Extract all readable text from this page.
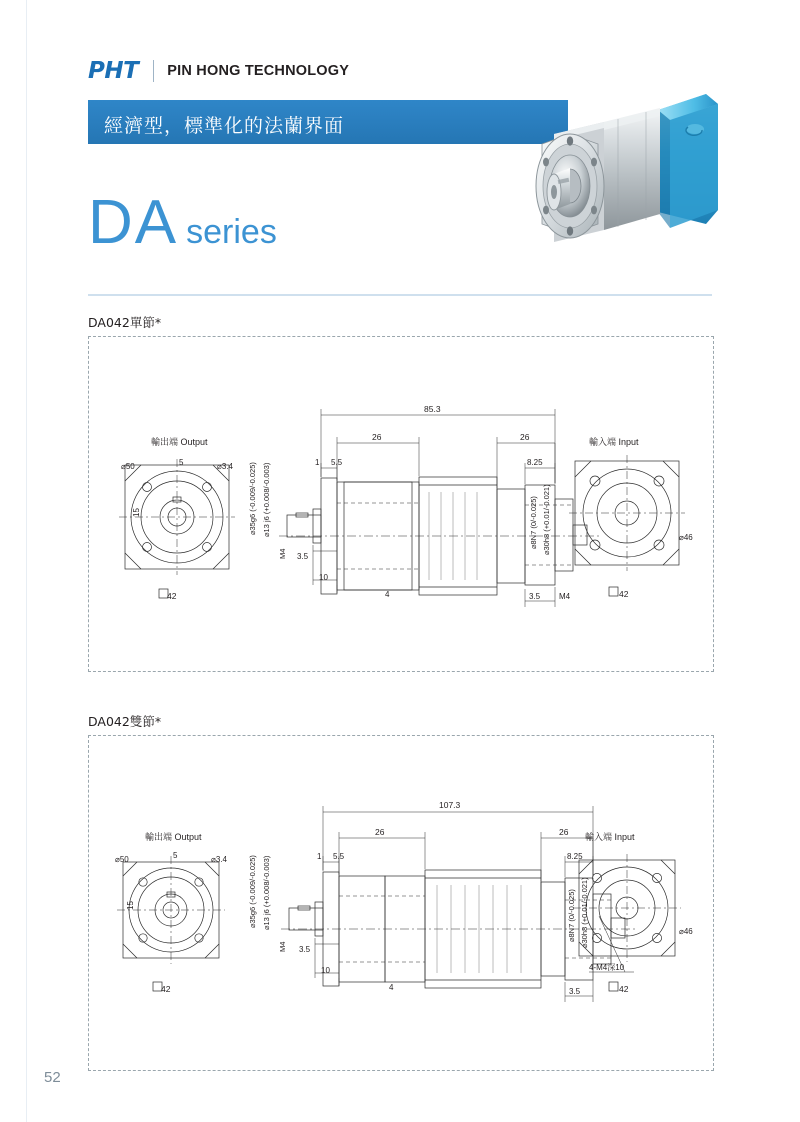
PHT PIN HONG TECHNOLOGY
經濟型，標準化的法蘭界面
DA series
DA042單節*
輸出端 Output	輸入端 Input
85.3
26	26
5.5
1	8.25
10
3.5
3.5
4
⌀50	⌀3.4
5
M4
⌀46
42	42
15	⌀35g6 (-0.009/-0.025) ⌀13 j6 (+0.008/-0.003)
M4
⌀8N7 (0/-0.025) ⌀30h8 (+0.01/-0.021)
DA042雙節*
輸出端 Output	輸入端 Input
107.3
26	26
5.5
1	8.25
10
3.5
3.5
4
⌀50	⌀3.4
5
4-M4深10
⌀46
42	42
15	⌀35g6 (-0.009/-0.025) ⌀13 j6 (+0.008/-0.003)
M4
⌀8N7 (0/-0.025) ⌀30h8 (+0.01/-0.021)
52
